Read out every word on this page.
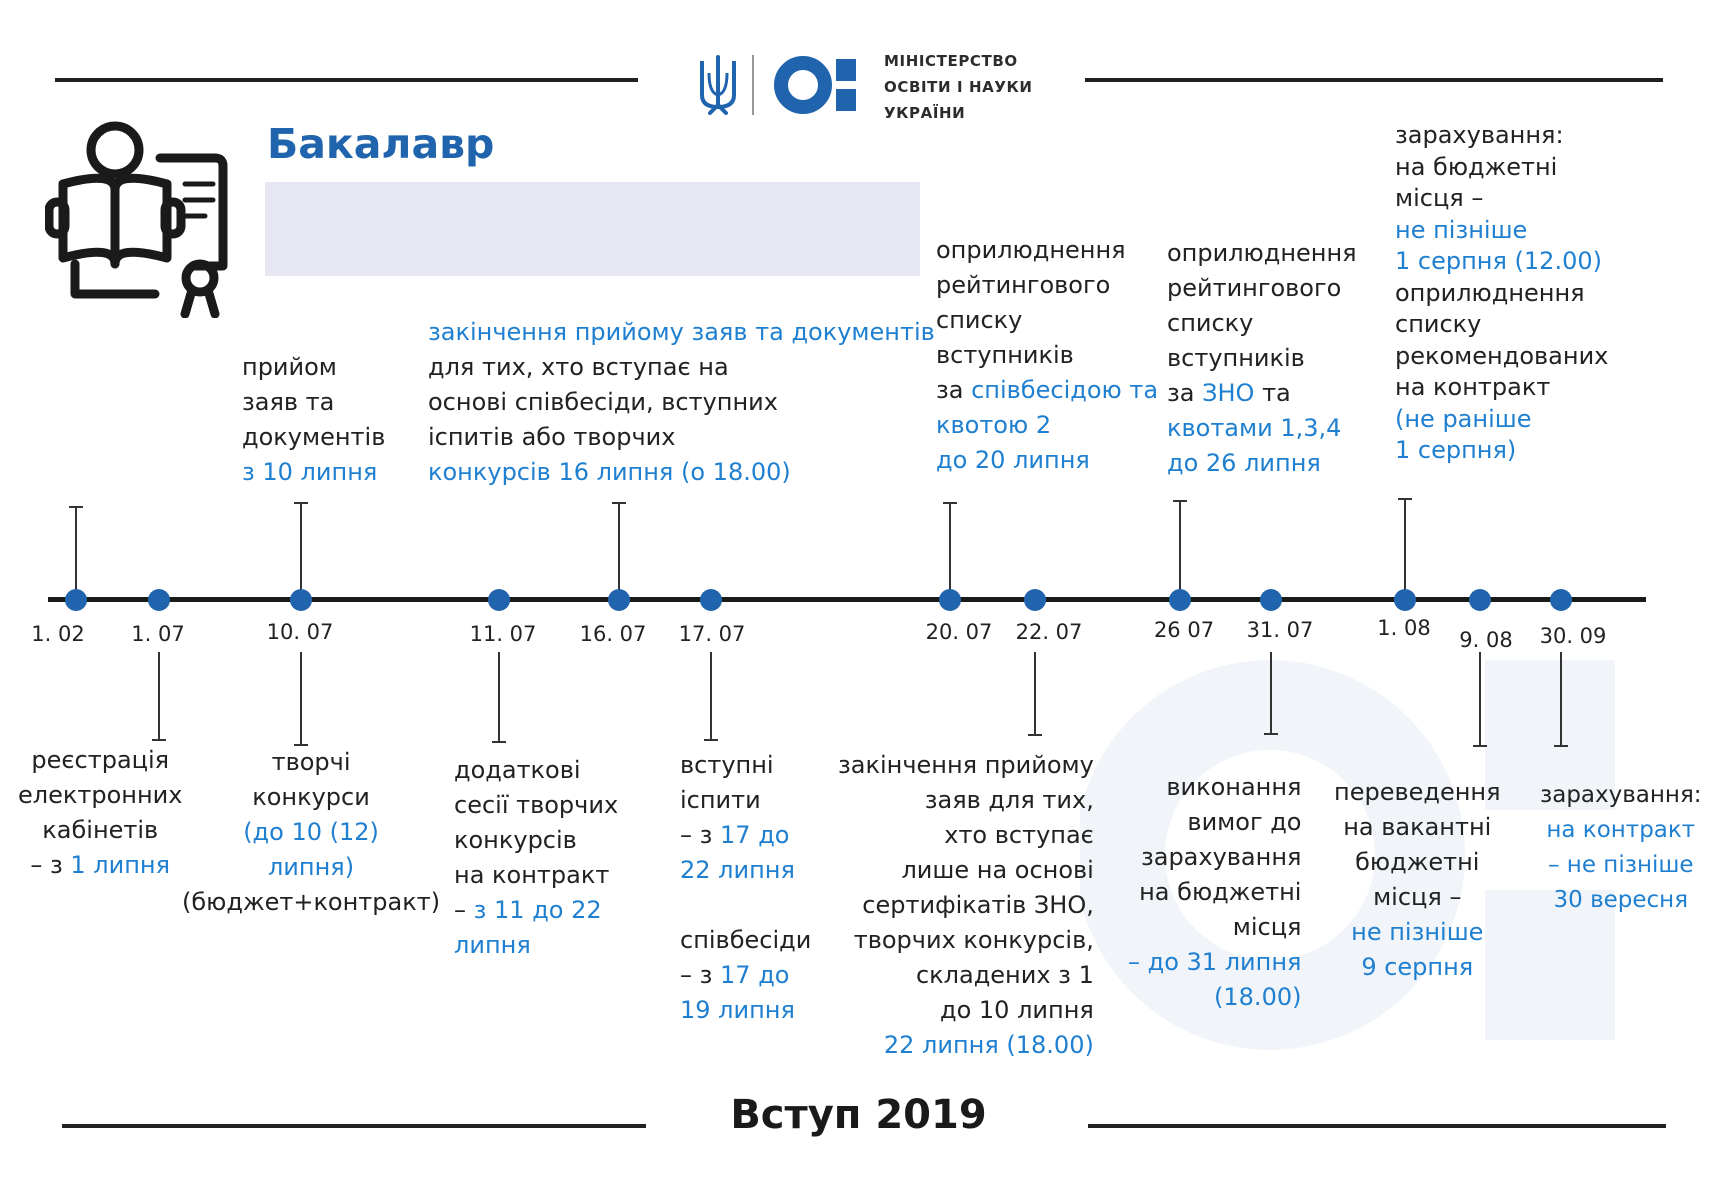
МІНІСТЕРСТВО
ОСВІТИ І НАУКИ
УКРАЇНИ
Бакалавр
1. 02 1. 07	10. 07	11. 07 16. 07 17. 07	20. 07 22. 07	26 07 31. 07	1. 08 9. 08 30. 09
прийом
заяв та
документів
з 10 липня
закінчення прийому заяв та документів
для тих, хто вступає на
основі співбесіди, вступних
іспитів або творчих
конкурсів 16 липня (о 18.00)
оприлюднення
рейтингового
списку
вступників
за співбесідою та
квотою 2
до 20 липня
оприлюднення
рейтингового
списку
вступників
за ЗНО та
квотами 1,3,4
до 26 липня
зарахування:
на бюджетні
місця –
не пізніше
1 серпня (12.00)
оприлюднення
списку
рекомендованих
на контракт
(не раніше
1 серпня)
реєстрація
електронних
кабінетів
– з 1 липня
творчі
конкурси
(до 10 (12)
липня)
(бюджет+контракт)
додаткові
сесії творчих
конкурсів
на контракт
– з 11 до 22
липня
вступні
іспити
– з 17 до
22 липня
співбесіди
– з 17 до
19 липня
закінчення прийому
заяв для тих,
хто вступає
лише на основі
сертифікатів ЗНО,
творчих конкурсів,
складених з 1
до 10 липня
22 липня (18.00)
виконання
вимог до
зарахування
на бюджетні
місця
– до 31 липня
(18.00)
переведення
на вакантні
бюджетні
місця –
не пізніше
9 серпня
зарахування:
на контракт
– не пізніше
30 вересня
Вступ 2019
